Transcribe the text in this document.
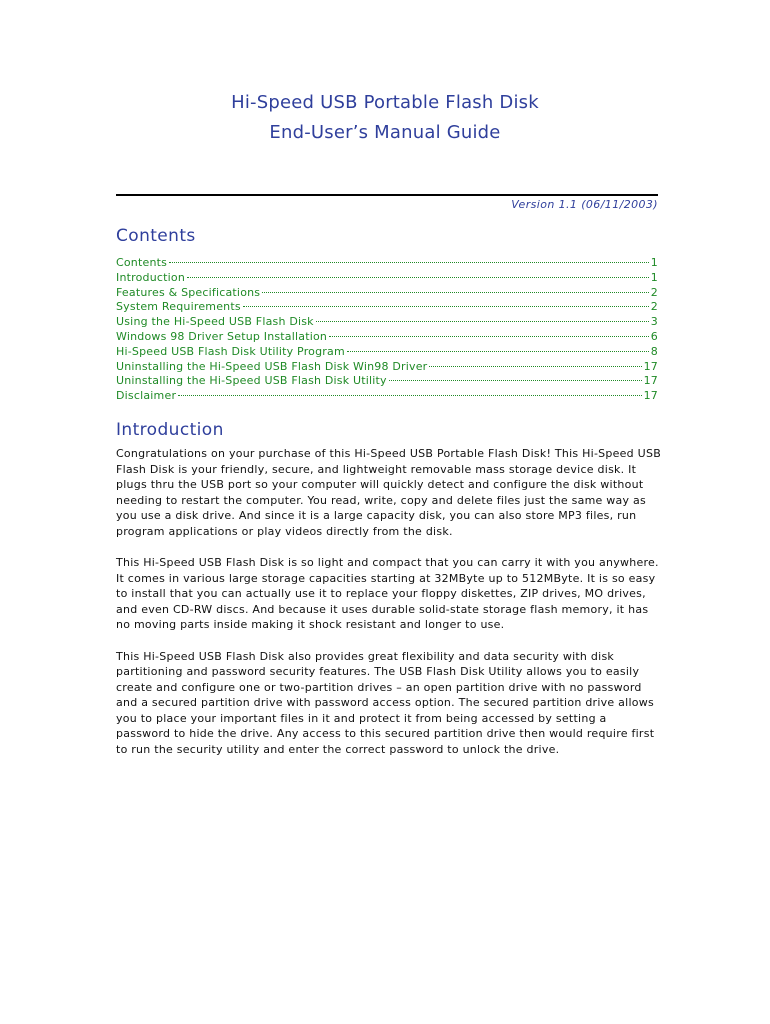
Hi-Speed USB Portable Flash Disk
End-User’s Manual Guide
Version 1.1 (06/11/2003)
Contents
Contents	1
Introduction	1
Features & Specifications	2
System Requirements	2
Using the Hi-Speed USB Flash Disk	3
Windows 98 Driver Setup Installation	6
Hi-Speed USB Flash Disk Utility Program	8
Uninstalling the Hi-Speed USB Flash Disk Win98 Driver	17
Uninstalling the Hi-Speed USB Flash Disk Utility	17
Disclaimer	17
Introduction

Congratulations on your purchase of this Hi-Speed USB Portable Flash Disk! This Hi-Speed USB Flash Disk is your friendly, secure, and lightweight removable mass storage device disk. It plugs thru the USB port so your computer will quickly detect and configure the disk without needing to restart the computer. You read, write, copy and delete files just the same way as you use a disk drive. And since it is a large capacity disk, you can also store MP3 files, run program applications or play videos directly from the disk.

This Hi-Speed USB Flash Disk is so light and compact that you can carry it with you anywhere. It comes in various large storage capacities starting at 32MByte up to 512MByte. It is so easy to install that you can actually use it to replace your floppy diskettes, ZIP drives, MO drives, and even CD-RW discs. And because it uses durable solid-state storage flash memory, it has no moving parts inside making it shock resistant and longer to use.

This Hi-Speed USB Flash Disk also provides great flexibility and data security with disk partitioning and password security features. The USB Flash Disk Utility allows you to easily create and configure one or two-partition drives – an open partition drive with no password and a secured partition drive with password access option. The secured partition drive allows you to place your important files in it and protect it from being accessed by setting a password to hide the drive. Any access to this secured partition drive then would require first to run the security utility and enter the correct password to unlock the drive.
